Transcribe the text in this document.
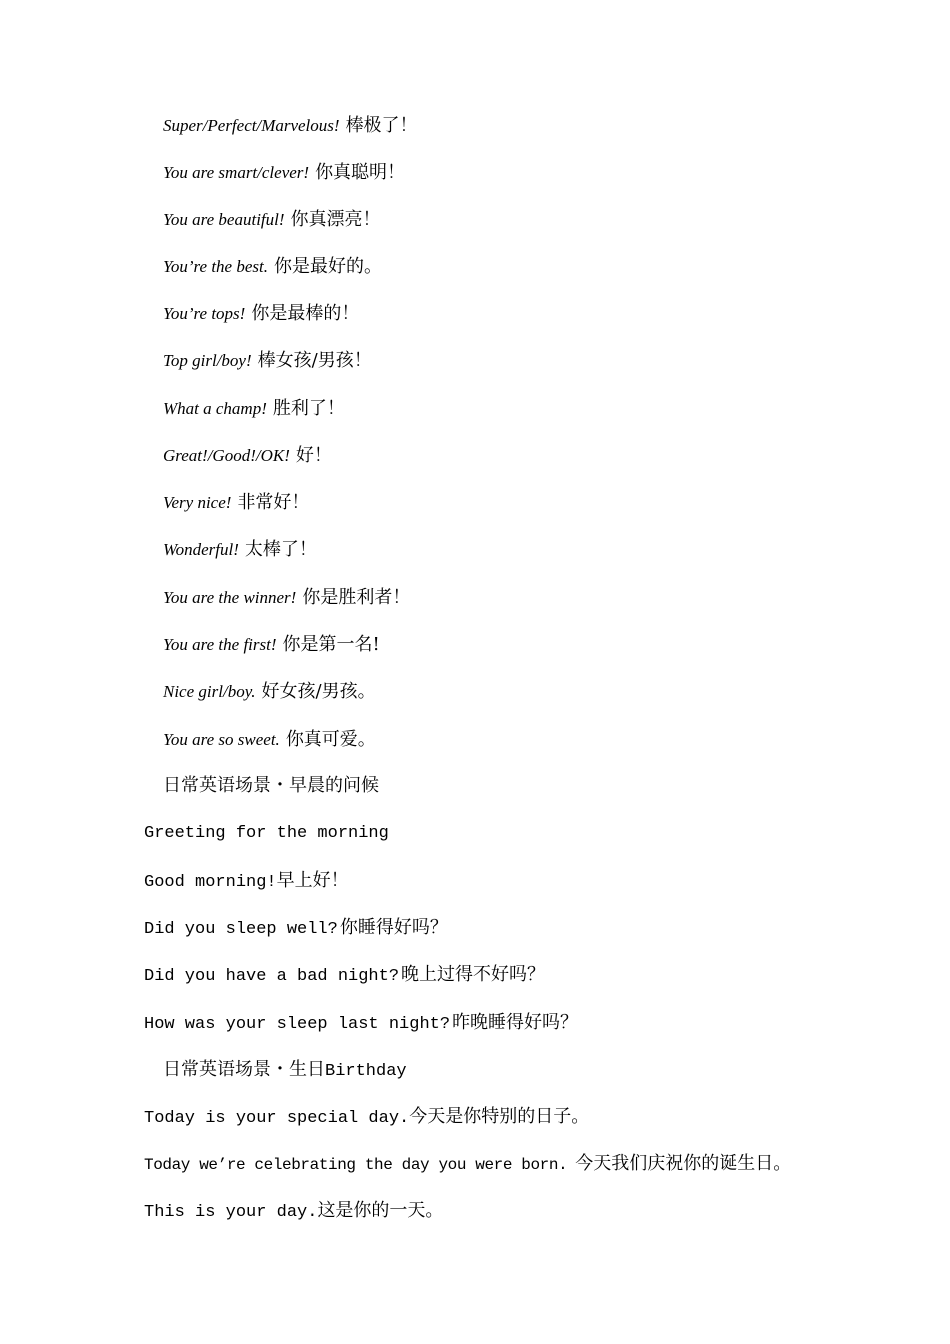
Super/Perfect/Marvelous! 棒极了！
You are smart/clever! 你真聪明！
You are beautiful! 你真漂亮！
You’re the best. 你是最好的。
You’re tops! 你是最棒的！
Top girl/boy! 棒女孩/男孩！
What a champ! 胜利了！
Great!/Good!/OK! 好！
Very nice! 非常好！
Wonderful! 太棒了！
You are the winner! 你是胜利者！
You are the first! 你是第一名!
Nice girl/boy. 好女孩/男孩。
You are so sweet. 你真可爱。
日常英语场景・早晨的问候
Greeting for the morning
Good morning!早上好！
Did you sleep well? 你睡得好吗？
Did you have a bad night? 晚上过得不好吗？
How was your sleep last night? 昨晚睡得好吗？
日常英语场景・生日Birthday
Today is your special day.今天是你特别的日子。
Today we’re celebrating the day you were born. 今天我们庆祝你的诞生日。
This is your day.这是你的一天。
